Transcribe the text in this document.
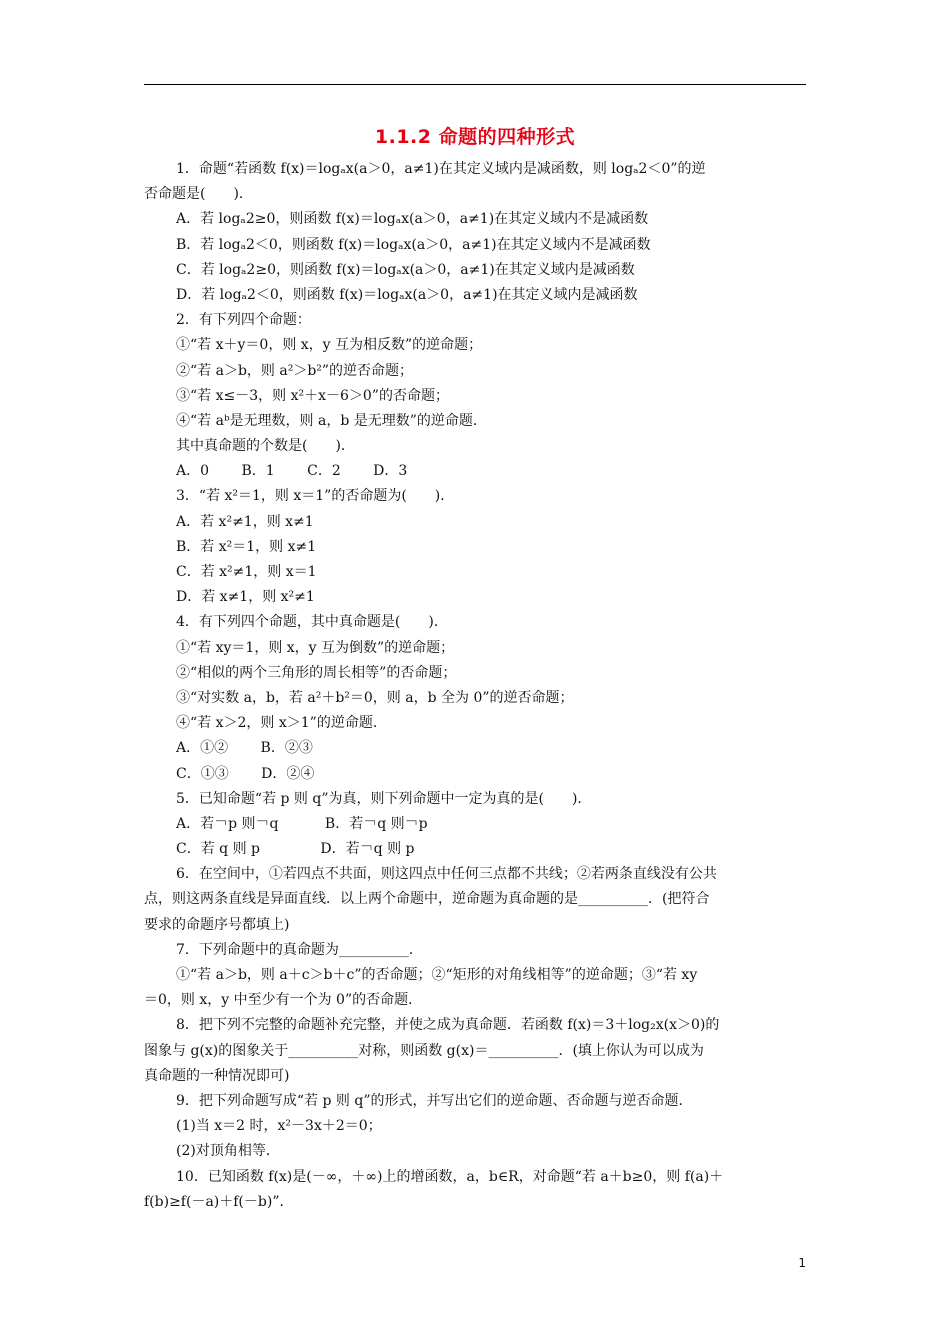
1.1.2 命题的四种形式
1．命题“若函数 f(x)＝logₐx(a＞0，a≠1)在其定义域内是减函数，则 logₐ2＜0”的逆
否命题是(　　)．
A．若 logₐ2≥0，则函数 f(x)＝logₐx(a＞0，a≠1)在其定义域内不是减函数
B．若 logₐ2＜0，则函数 f(x)＝logₐx(a＞0，a≠1)在其定义域内不是减函数
C．若 logₐ2≥0，则函数 f(x)＝logₐx(a＞0，a≠1)在其定义域内是减函数
D．若 logₐ2＜0，则函数 f(x)＝logₐx(a＞0，a≠1)在其定义域内是减函数
2．有下列四个命题：
①“若 x＋y＝0，则 x，y 互为相反数”的逆命题；
②“若 a＞b，则 a²＞b²”的逆否命题；
③“若 x≤－3，则 x²＋x－6＞0”的否命题；
④“若 aᵇ是无理数，则 a，b 是无理数”的逆命题．
其中真命题的个数是(　　)．
A．0　　 B．1　　 C．2　　 D．3
3．“若 x²＝1，则 x＝1”的否命题为(　　)．
A．若 x²≠1，则 x≠1
B．若 x²＝1，则 x≠1
C．若 x²≠1，则 x＝1
D．若 x≠1，则 x²≠1
4．有下列四个命题，其中真命题是(　　)．
①“若 xy＝1，则 x，y 互为倒数”的逆命题；
②“相似的两个三角形的周长相等”的否命题；
③“对实数 a，b，若 a²＋b²＝0，则 a，b 全为 0”的逆否命题；
④“若 x＞2，则 x＞1”的逆命题．
A．①②　　 B．②③
C．①③　　 D．②④
5．已知命题“若 p 则 q”为真，则下列命题中一定为真的是(　　)．
A．若￢p 则￢q　　　 B．若￢q 则￢p
C．若 q 则 p　　　　 D．若￢q 则 p
6．在空间中，①若四点不共面，则这四点中任何三点都不共线；②若两条直线没有公共
点，则这两条直线是异面直线．以上两个命题中，逆命题为真命题的是__________．(把符合
要求的命题序号都填上)
7．下列命题中的真命题为__________．
①“若 a＞b，则 a＋c＞b＋c”的否命题；②“矩形的对角线相等”的逆命题；③“若 xy
＝0，则 x，y 中至少有一个为 0”的否命题．
8．把下列不完整的命题补充完整，并使之成为真命题．若函数 f(x)＝3＋log₂x(x＞0)的
图象与 g(x)的图象关于__________对称，则函数 g(x)＝__________．(填上你认为可以成为
真命题的一种情况即可)
9．把下列命题写成“若 p 则 q”的形式，并写出它们的逆命题、否命题与逆否命题．
(1)当 x＝2 时，x²－3x＋2＝0；
(2)对顶角相等．
10．已知函数 f(x)是(－∞，＋∞)上的增函数，a，b∈R，对命题“若 a＋b≥0，则 f(a)＋
f(b)≥f(－a)＋f(－b)”．
1
